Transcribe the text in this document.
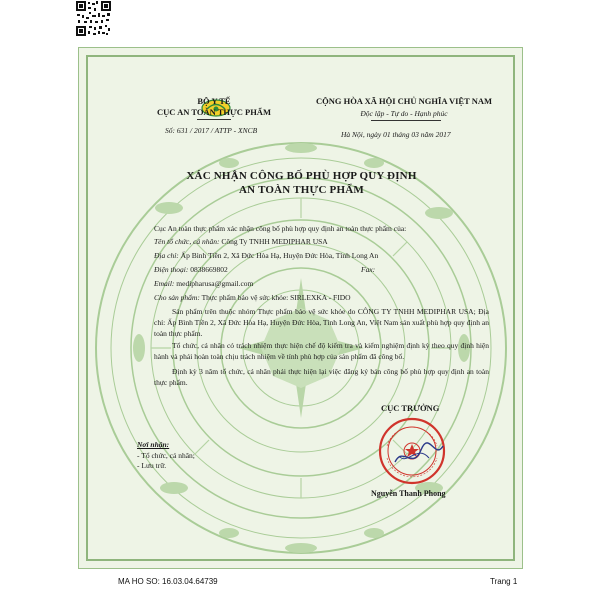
BỘ Y TẾ
CỤC AN TOÀN THỰC PHẨM
Số: 631 / 2017 / ATTP - XNCB
CỘNG HÒA XÃ HỘI CHỦ NGHĨA VIỆT NAM
Độc lập - Tự do - Hạnh phúc
Hà Nội, ngày 01 tháng 03 năm 2017
XÁC NHẬN CÔNG BỐ PHÙ HỢP QUY ĐỊNH
AN TOÀN THỰC PHẨM
Cục An toàn thực phẩm xác nhận công bố phù hợp quy định an toàn thực phẩm của:
Tên tổ chức, cá nhân: Công Ty TNHH MEDIPHAR USA
Địa chỉ: Ấp Bình Tiền 2, Xã Đức Hòa Hạ, Huyện Đức Hòa, Tỉnh Long An
Điện thoại: 0838669802	Fax:
Email: medipharusa@gmail.com
Cho sản phẩm: Thực phẩm bảo vệ sức khỏe: SIRLEXKA - FIDO
Sản phẩm trên thuộc nhóm Thực phẩm bảo vệ sức khỏe do CÔNG TY TNHH MEDIPHAR USA; Địa chỉ: Ấp Bình Tiền 2, Xã Đức Hòa Hạ, Huyện Đức Hòa, Tỉnh Long An, Việt Nam sản xuất phù hợp quy định an toàn thực phẩm.
Tổ chức, cá nhân có trách nhiệm thực hiện chế độ kiểm tra và kiểm nghiệm định kỳ theo quy định hiện hành và phải hoàn toàn chịu trách nhiệm về tính phù hợp của sản phẩm đã công bố.
Định kỳ 3 năm tổ chức, cá nhân phải thực hiện lại việc đăng ký bản công bố phù hợp quy định an toàn thực phẩm.
Nơi nhận:
- Tổ chức, cá nhân;
- Lưu trữ.
CỤC TRƯỞNG
Nguyễn Thanh Phong
MA HO SO: 16.03.04.64739	Trang 1
